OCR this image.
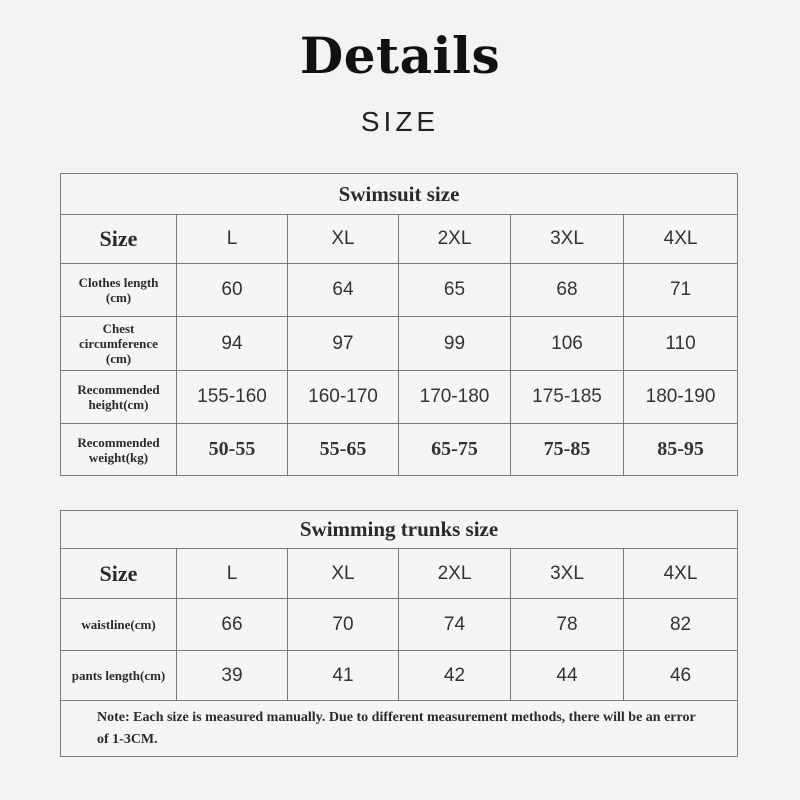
Details
SIZE
Swimsuit size					
Size	L	XL	2XL	3XL	4XL
Clothes length
(cm)	60	64	65	68	71
Chest
circumference
(cm)	94	97	99	106	110
Recommended
height(cm)	155-160	160-170	170-180	175-185	180-190
Recommended
weight(kg)	50-55	55-65	65-75	75-85	85-95
Swimming trunks size					
Size	L	XL	2XL	3XL	4XL
waistline(cm)	66	70	74	78	82
pants length(cm)	39	41	42	44	46
Note: Each size is measured manually. Due to different measurement methods, there will be an error of 1-3CM.					
